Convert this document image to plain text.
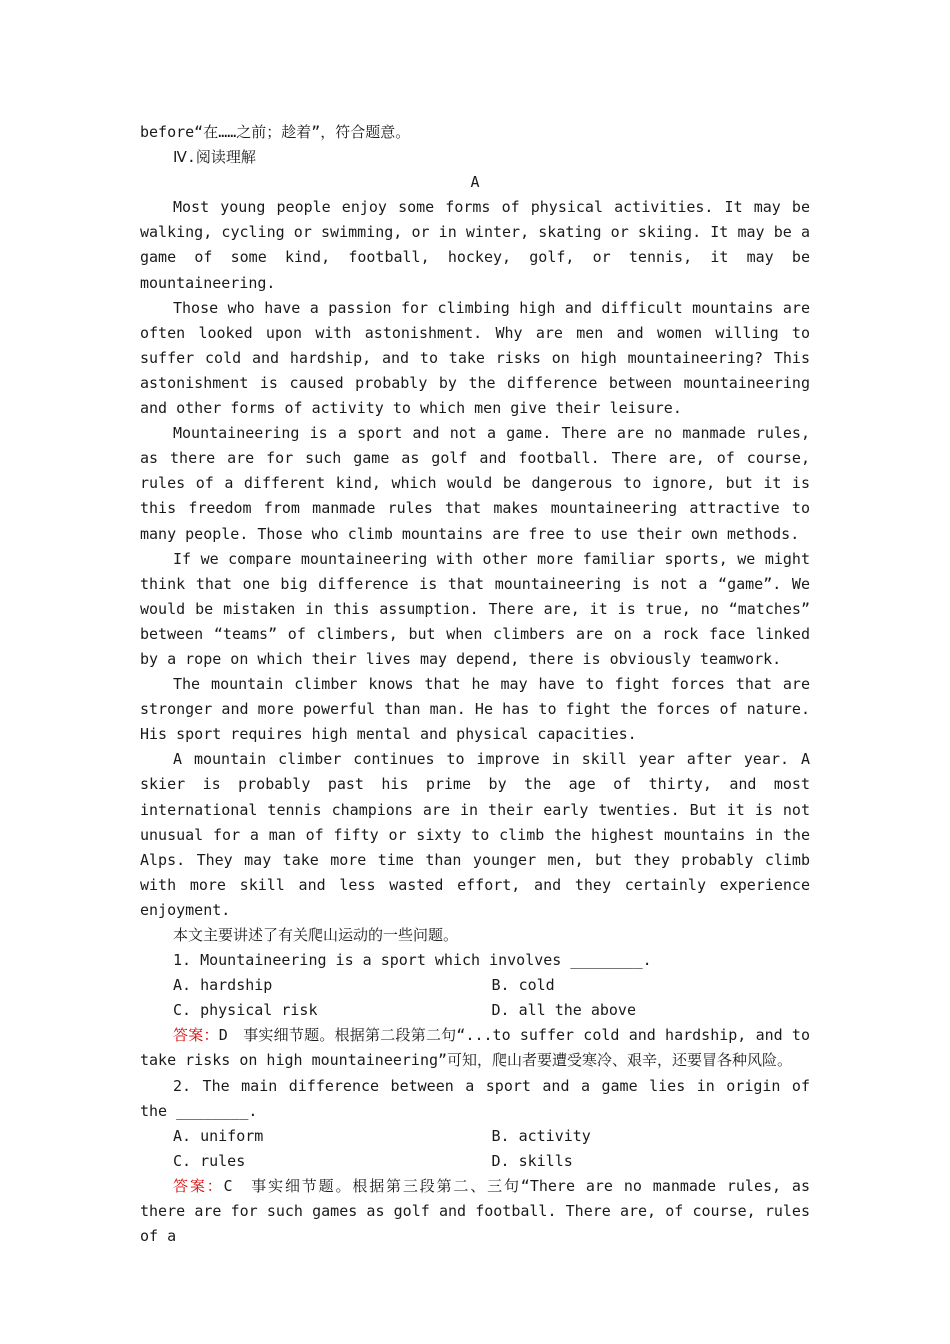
before“在……之前；趁着”，符合题意。
Ⅳ.阅读理解
A

Most young people enjoy some forms of physical activities. It may be walking, cycling or swimming, or in winter, skating or skiing. It may be a game of some kind, football, hockey, golf, or tennis, it may be mountaineering.

Those who have a passion for climbing high and difficult mountains are often looked upon with astonishment. Why are men and women willing to suffer cold and hardship, and to take risks on high mountaineering? This astonishment is caused probably by the difference between mountaineering and other forms of activity to which men give their leisure.

Mountaineering is a sport and not a game. There are no manmade rules, as there are for such game as golf and football. There are, of course, rules of a different kind, which would be dangerous to ignore, but it is this freedom from manmade rules that makes mountaineering attractive to many people. Those who climb mountains are free to use their own methods.

If we compare mountaineering with other more familiar sports, we might think that one big difference is that mountaineering is not a “game”. We would be mistaken in this assumption. There are, it is true, no “matches” between “teams” of climbers, but when climbers are on a rock face linked by a rope on which their lives may depend, there is obviously teamwork.

The mountain climber knows that he may have to fight forces that are stronger and more powerful than man. He has to fight the forces of nature. His sport requires high mental and physical capacities.

A mountain climber continues to improve in skill year after year. A skier is probably past his prime by the age of thirty, and most international tennis champions are in their early twenties. But it is not unusual for a man of fifty or sixty to climb the highest mountains in the Alps. They may take more time than younger men, but they probably climb with more skill and less wasted effort, and they certainly experience enjoyment.

本文主要讲述了有关爬山运动的一些问题。
1. Mountaineering is a sport which involves ________.
A. hardship	B. cold
C. physical risk	D. all the above

答案：D　事实细节题。根据第二段第二句“...to suffer cold and hardship, and to take risks on high mountaineering”可知，爬山者要遭受寒冷、艰辛，还要冒各种风险。

2. The main difference between a sport and a game lies in origin of the ________.

A. uniform	B. activity
C. rules	D. skills

答案：C　事实细节题。根据第三段第二、三句“There are no manmade rules, as there are for such games as golf and football. There are, of course, rules of a
